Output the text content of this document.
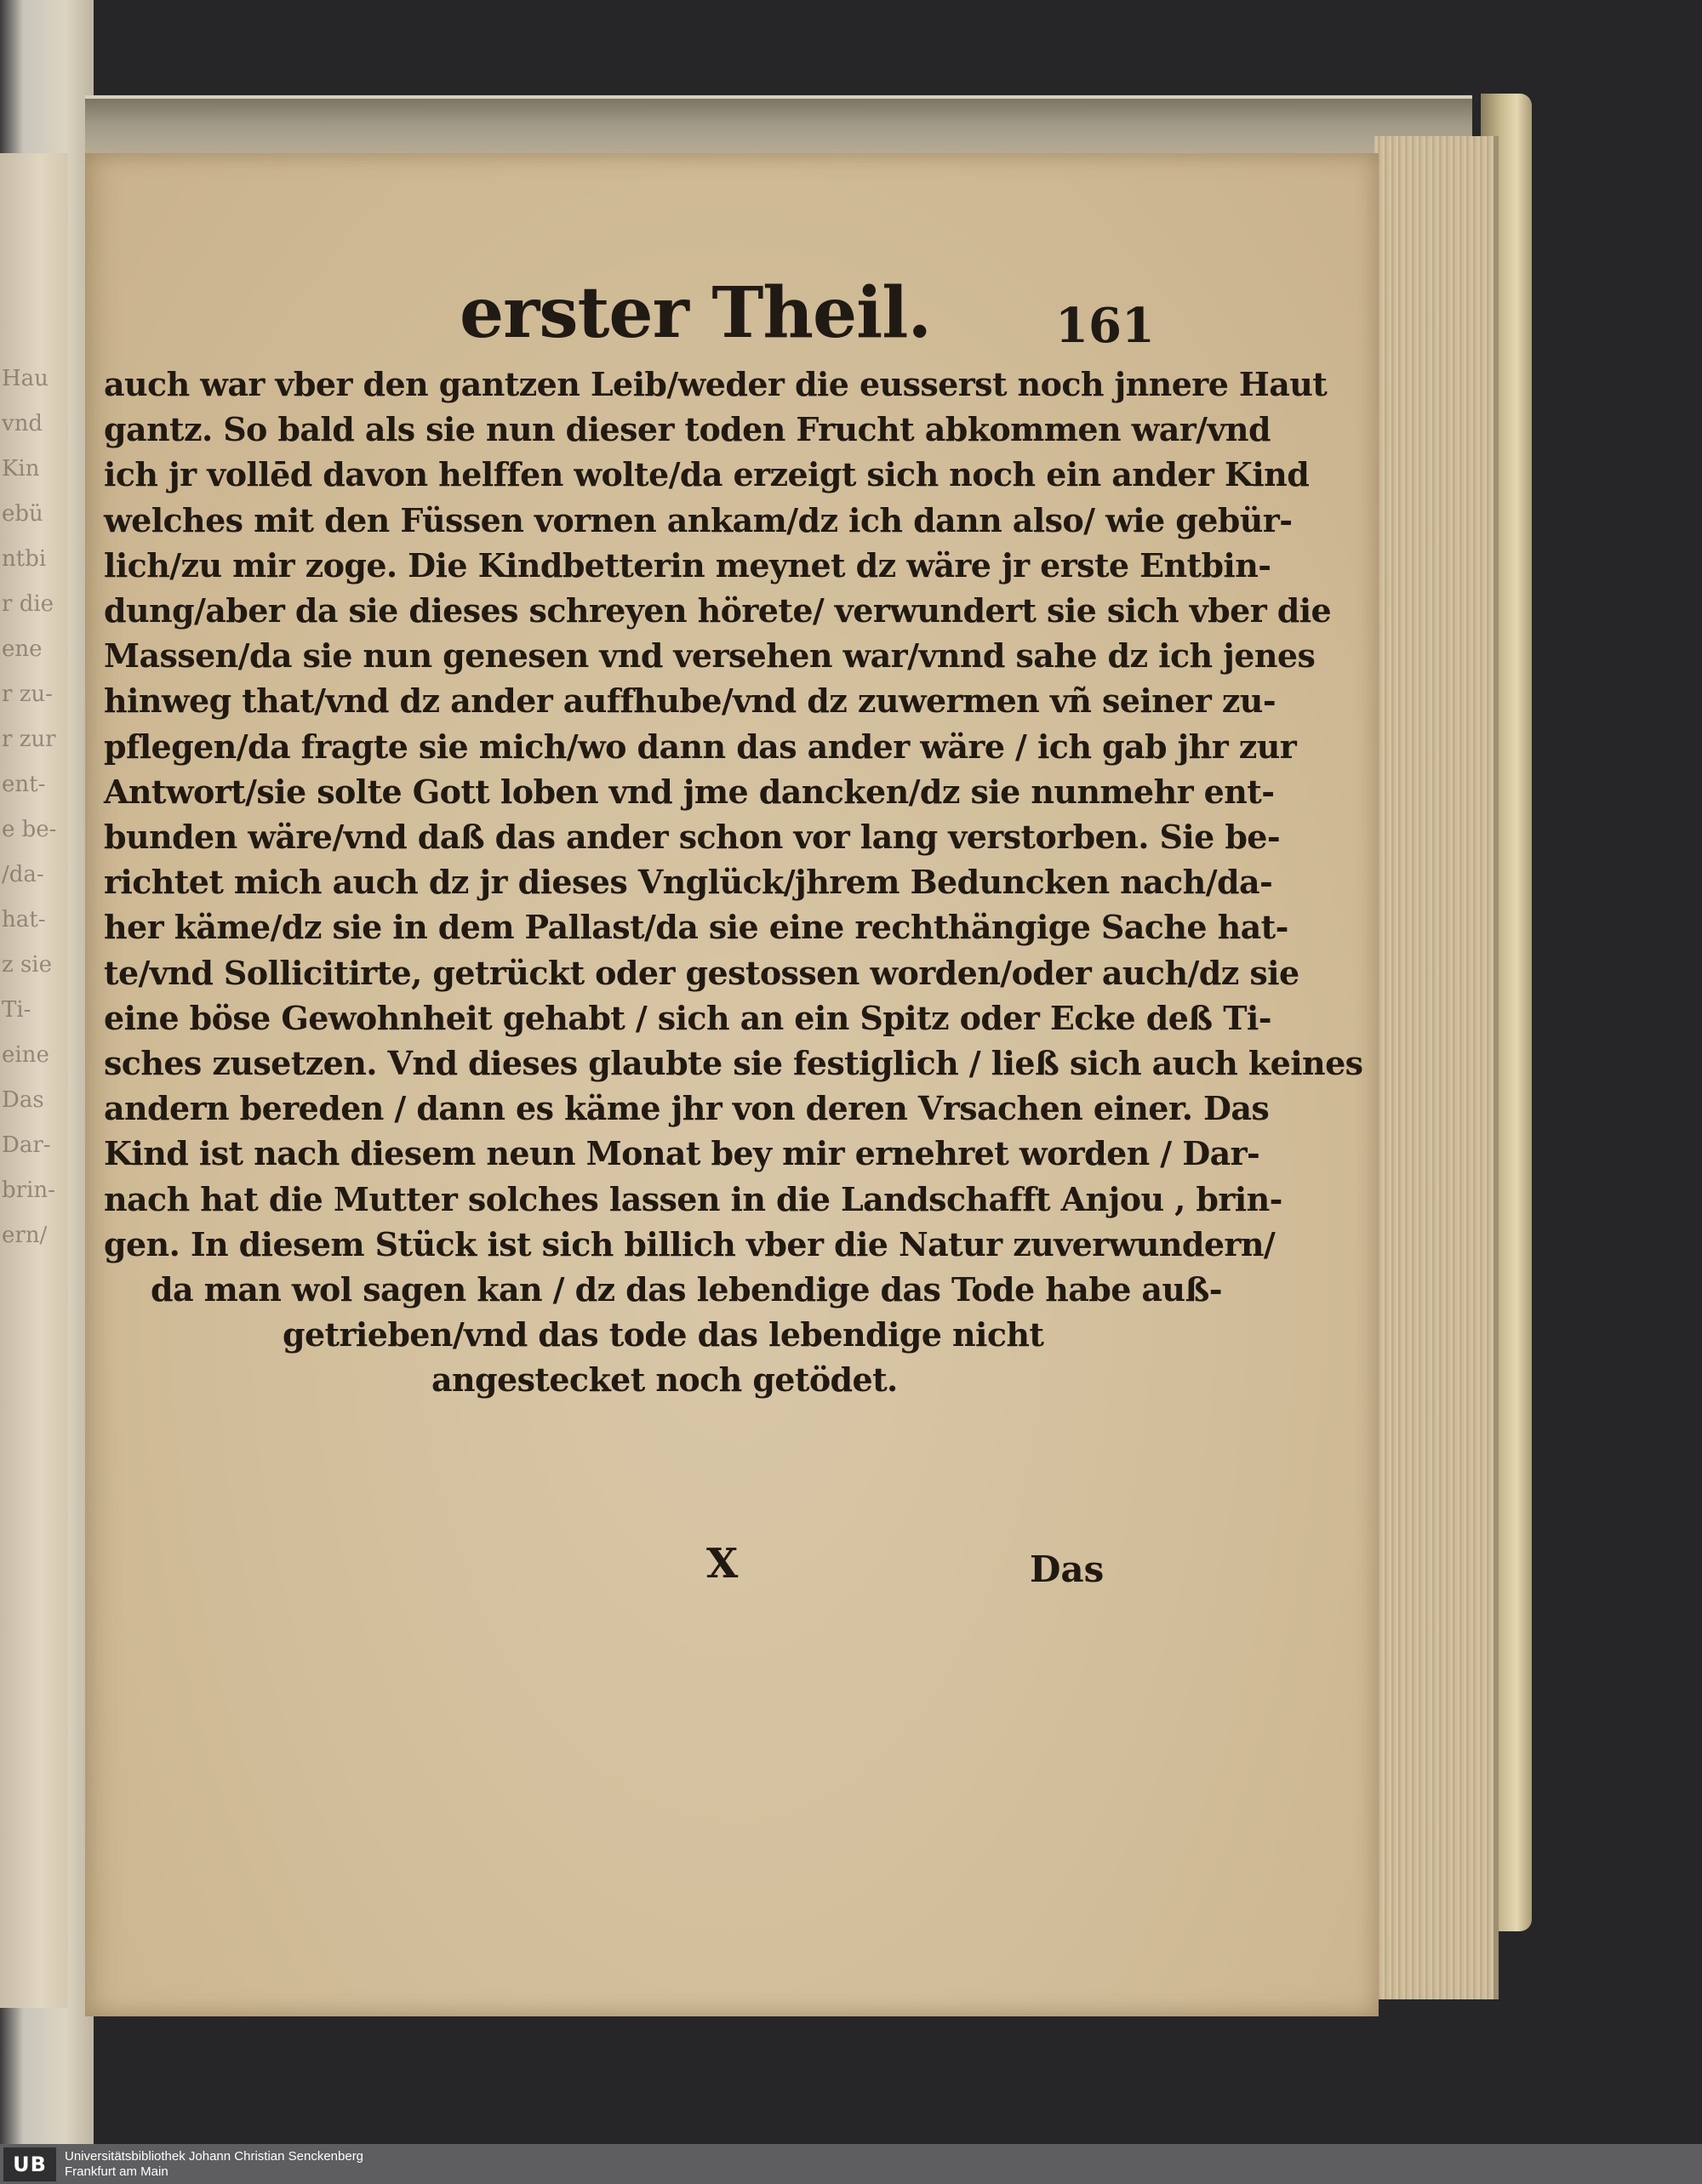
Hau
vnd
Kin
ebü
ntbi
r die
ene
r zu-
r zur
ent-
e be-
/da-
hat-
z sie
Ti-
eine
Das
Dar-
brin-
ern/
erster Theil.	161
auch war vber den gantzen Leib/weder die eusserst noch jnnere Haut
gantz. So bald als sie nun dieser toden Frucht abkommen war/vnd
ich jr vollēd davon helffen wolte/da erzeigt sich noch ein ander Kind
welches mit den Füssen vornen ankam/dz ich dann also/ wie gebür-
lich/zu mir zoge. Die Kindbetterin meynet dz wäre jr erste Entbin-
dung/aber da sie dieses schreyen hörete/ verwundert sie sich vber die
Massen/da sie nun genesen vnd versehen war/vnnd sahe dz ich jenes
hinweg that/vnd dz ander auffhube/vnd dz zuwermen vñ seiner zu-
pflegen/da fragte sie mich/wo dann das ander wäre / ich gab jhr zur
Antwort/sie solte Gott loben vnd jme dancken/dz sie nunmehr ent-
bunden wäre/vnd daß das ander schon vor lang verstorben. Sie be-
richtet mich auch dz jr dieses Vnglück/jhrem Beduncken nach/da-
her käme/dz sie in dem Pallast/da sie eine rechthängige Sache hat-
te/vnd Sollicitirte, getrückt oder gestossen worden/oder auch/dz sie
eine böse Gewohnheit gehabt / sich an ein Spitz oder Ecke deß Ti-
sches zusetzen. Vnd dieses glaubte sie festiglich / ließ sich auch keines
andern bereden / dann es käme jhr von deren Vrsachen einer. Das
Kind ist nach diesem neun Monat bey mir ernehret worden / Dar-
nach hat die Mutter solches lassen in die Landschafft Anjou , brin-
gen. In diesem Stück ist sich billich vber die Natur zuverwundern/
da man wol sagen kan / dz das lebendige das Tode habe auß-
getrieben/vnd das tode das lebendige nicht
angestecket noch getödet.
X	Das
UB	Universitätsbibliothek Johann Christian Senckenberg
Frankfurt am Main
